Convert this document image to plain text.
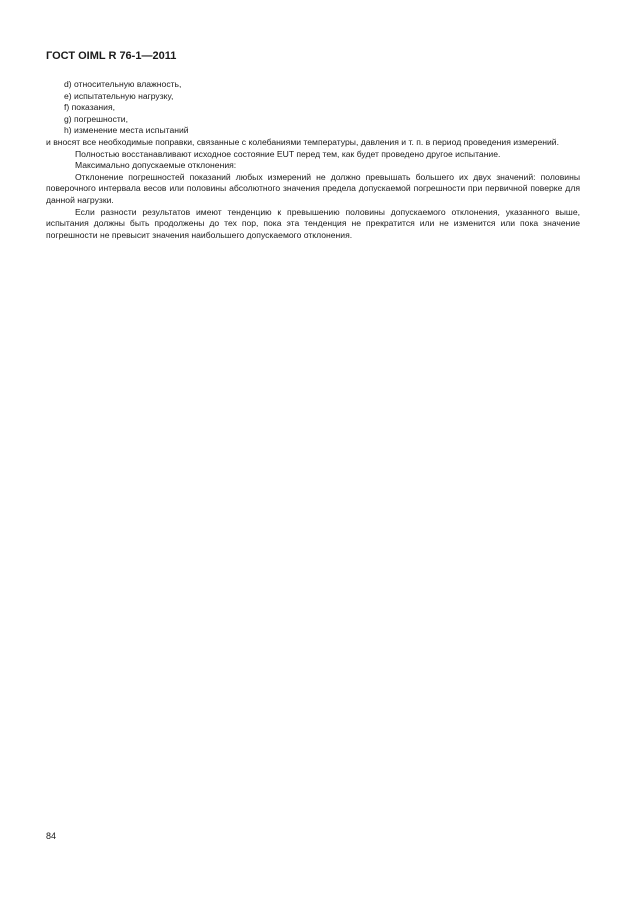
ГОСТ OIML R 76-1—2011

d) относительную влажность,

e) испытательную нагрузку,

f) показания,

g) погрешности,

h) изменение места испытаний

и вносят все необходимые поправки, связанные с колебаниями температуры, давления и т. п. в период проведения измерений.

Полностью восстанавливают исходное состояние EUT перед тем, как будет проведено другое испытание.

Максимально допускаемые отклонения:

Отклонение погрешностей показаний любых измерений не должно превышать большего их двух значений: половины поверочного интервала весов или половины абсолютного значения предела допускаемой погрешности при первичной поверке для данной нагрузки.

Если разности результатов имеют тенденцию к превышению половины допускаемого отклонения, указанного выше, испытания должны быть продолжены до тех пор, пока эта тенденция не прекратится или не изменится или пока значение погрешности не превысит значения наибольшего допускаемого отклонения.

84
